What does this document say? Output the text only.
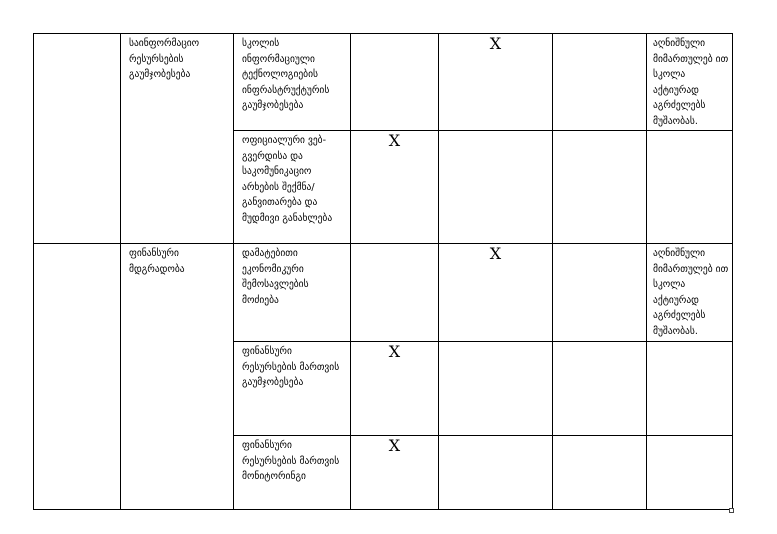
	საინფორმაციო რესურსების გაუმჯობესება	სკოლის ინფორმაციული ტექნოლოგიების ინფრასტრუქტურის გაუმჯობესება		X		აღნიშნული მიმართულებ ით სკოლა აქტიურად აგრძელებს მუშაობას.
		ოფიციალური ვებ-გვერდისა და საკომუნიკაციო არხების შექმნა/განვითარება და მუდმივი განახლება	X			
	ფინანსური მდგრადობა	დამატებითი ეკონომიკური შემოსავლების მოძიება		X		აღნიშნული მიმართულებ ით სკოლა აქტიურად აგრძელებს მუშაობას.
		ფინანსური რესურსების მართვის გაუმჯობესება	X			
		ფინანსური რესურსების მართვის მონიტორინგი	X			
